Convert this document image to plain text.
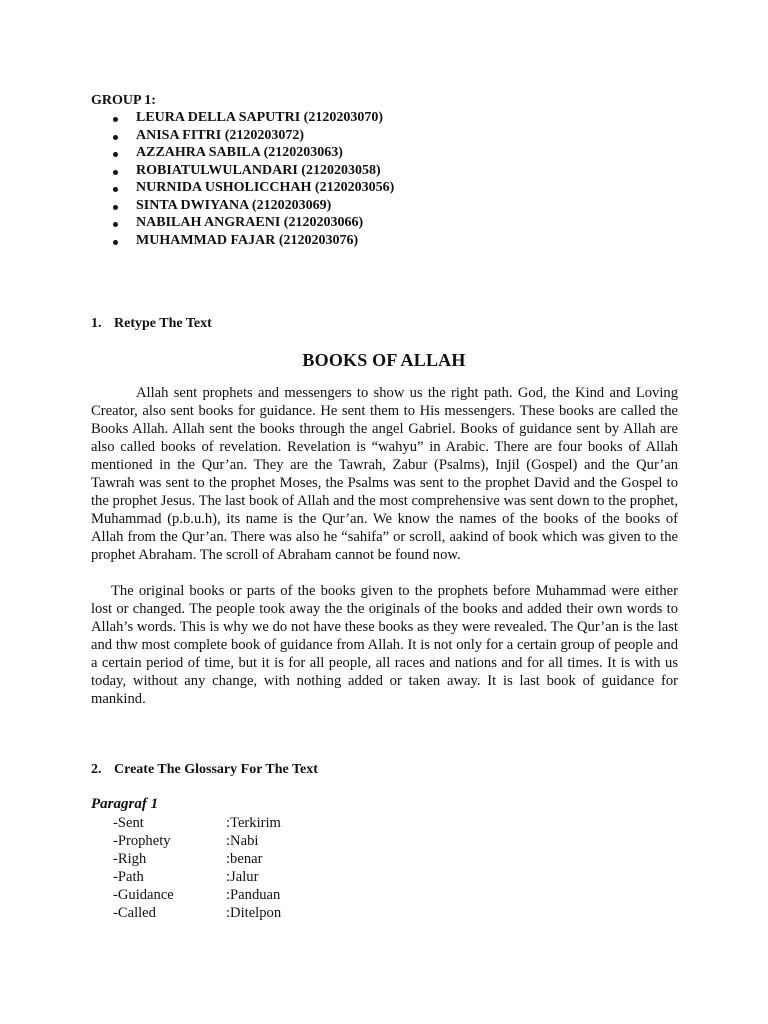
GROUP 1:
LEURA DELLA SAPUTRI (2120203070)
ANISA FITRI (2120203072)
AZZAHRA SABILA (2120203063)
ROBIATULWULANDARI (2120203058)
NURNIDA USHOLICCHAH (2120203056)
SINTA DWIYANA (2120203069)
NABILAH ANGRAENI (2120203066)
MUHAMMAD FAJAR (2120203076)
1. Retype The Text
BOOKS OF ALLAH

Allah sent prophets and messengers to show us the right path. God, the Kind and Loving Creator, also sent books for guidance. He sent them to His messengers. These books are called the Books Allah. Allah sent the books through the angel Gabriel. Books of guidance sent by Allah are also called books of revelation. Revelation is “wahyu” in Arabic. There are four books of Allah mentioned in the Qur’an. They are the Tawrah, Zabur (Psalms), Injil (Gospel) and the Qur’an Tawrah was sent to the prophet Moses, the Psalms was sent to the prophet David and the Gospel to the prophet Jesus. The last book of Allah and the most comprehensive was sent down to the prophet, Muhammad (p.b.u.h), its name is the Qur’an. We know the names of the books of the books of Allah from the Qur’an. There was also he “sahifa” or scroll, aakind of book which was given to the prophet Abraham. The scroll of Abraham cannot be found now.

The original books or parts of the books given to the prophets before Muhammad were either lost or changed. The people took away the the originals of the books and added their own words to Allah’s words. This is why we do not have these books as they were revealed. The Qur’an is the last and thw most complete book of guidance from Allah. It is not only for a certain group of people and a certain period of time, but it is for all people, all races and nations and for all times. It is with us today, without any change, with nothing added or taken away. It is last book of guidance for mankind.

2. Create The Glossary For The Text
Paragraf 1
-Sent	:Terkirim
-Prophety	:Nabi
-Righ	:benar
-Path	:Jalur
-Guidance	:Panduan
-Called	:Ditelpon
